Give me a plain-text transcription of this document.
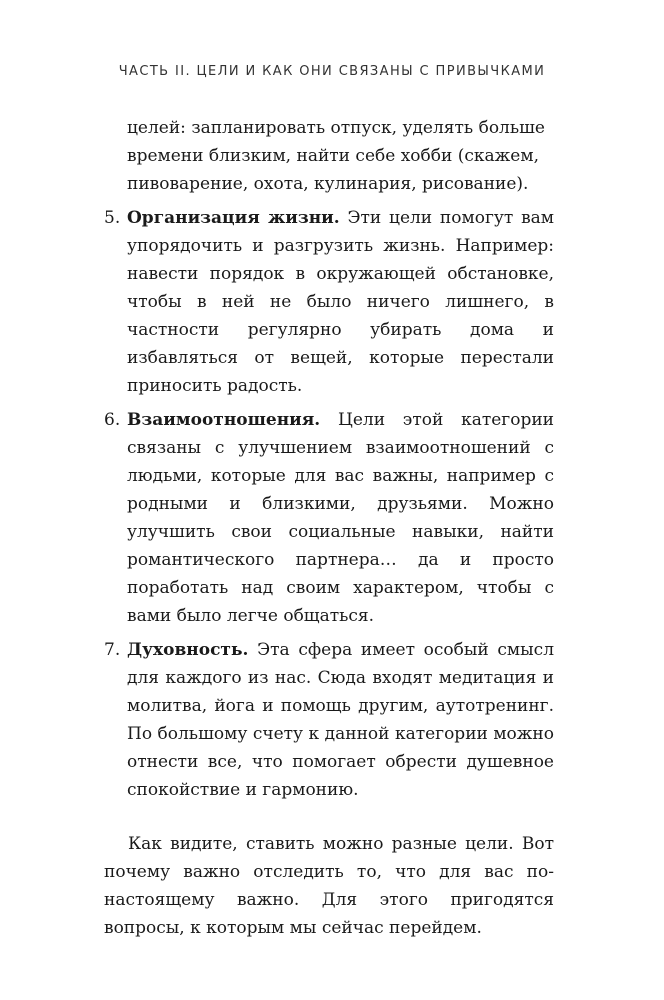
ЧАСТЬ II. ЦЕЛИ И КАК ОНИ СВЯЗАНЫ С ПРИВЫЧКАМИ

целей: запланировать отпуск, уделять больше времени близким, найти себе хобби (скажем, пивоварение, охота, кулинария, рисование).

5. Организация жизни. Эти цели помогут вам упорядочить и разгрузить жизнь. Например: навести порядок в окружающей обстановке, чтобы в ней не было ничего лишнего, в частности регулярно убирать дома и избавляться от вещей, которые перестали приносить радость.
6. Взаимоотношения. Цели этой категории связаны с улучшением взаимоотношений с людьми, которые для вас важны, например с родными и близкими, друзьями. Можно улучшить свои социальные навыки, найти романтического партнера… да и просто поработать над своим характером, чтобы с вами было легче общаться.
7. Духовность. Эта сфера имеет особый смысл для каждого из нас. Сюда входят медитация и молитва, йога и помощь другим, аутотренинг. По большому счету к данной категории можно отнести все, что помогает обрести душевное спокойствие и гармонию.

Как видите, ставить можно разные цели. Вот почему важно отследить то, что для вас по-настоящему важно. Для этого пригодятся вопросы, к которым мы сейчас перейдем.
